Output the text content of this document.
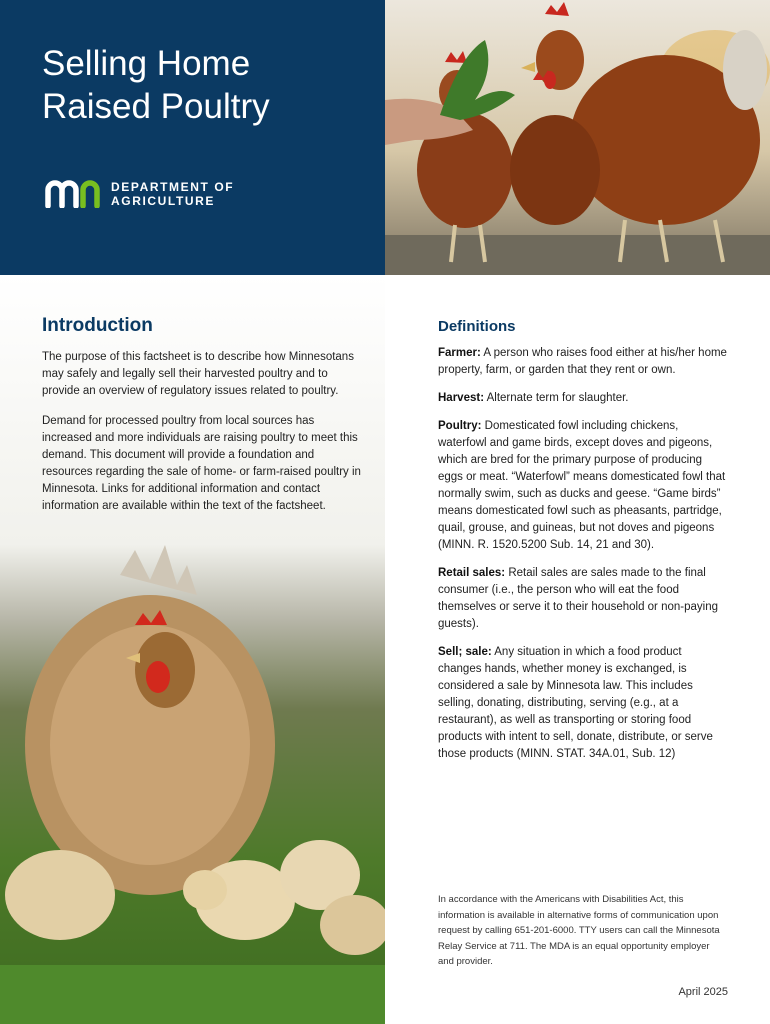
Selling Home
Raised Poultry
DEPARTMENT OF
AGRICULTURE
Introduction

The purpose of this factsheet is to describe how Minnesotans may safely and legally sell their harvested poultry and to provide an overview of regulatory issues related to poultry.

Demand for processed poultry from local sources has increased and more individuals are raising poultry to meet this demand. This document will provide a foundation and resources regarding the sale of home- or farm-raised poultry in Minnesota. Links for additional information and contact information are available within the text of the factsheet.

Definitions

Farmer: A person who raises food either at his/her home property, farm, or garden that they rent or own.

Harvest: Alternate term for slaughter.

Poultry: Domesticated fowl including chickens, waterfowl and game birds, except doves and pigeons, which are bred for the primary purpose of producing eggs or meat. “Waterfowl” means domesticated fowl that normally swim, such as ducks and geese. “Game birds” means domesticated fowl such as pheasants, partridge, quail, grouse, and guineas, but not doves and pigeons (MINN. R. 1520.5200 Sub. 14, 21 and 30).

Retail sales: Retail sales are sales made to the final consumer (i.e., the person who will eat the food themselves or serve it to their household or non-paying guests).

Sell; sale: Any situation in which a food product changes hands, whether money is exchanged, is considered a sale by Minnesota law. This includes selling, donating, distributing, serving (e.g., at a restaurant), as well as transporting or storing food products with intent to sell, donate, distribute, or serve those products (MINN. STAT. 34A.01, Sub. 12)

In accordance with the Americans with Disabilities Act, this information is available in alternative forms of communication upon request by calling 651-201-6000. TTY users can call the Minnesota Relay Service at 711. The MDA is an equal opportunity employer and provider.

April 2025
